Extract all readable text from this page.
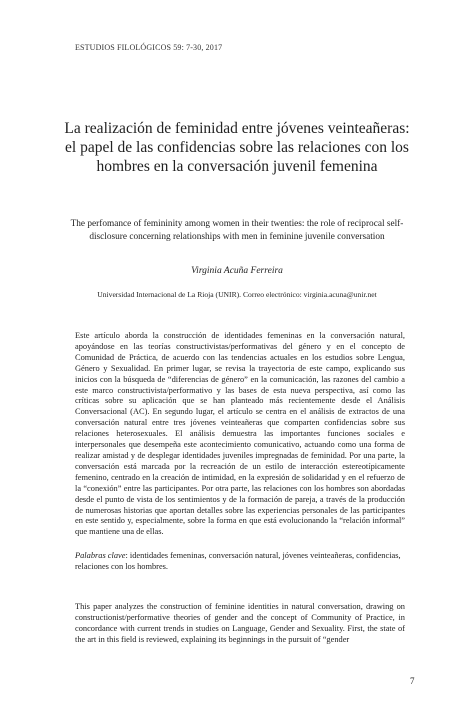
ESTUDIOS FILOLÓGICOS 59: 7-30, 2017
La realización de feminidad entre jóvenes veinteañeras: el papel de las confidencias sobre las relaciones con los hombres en la conversación juvenil femenina
The perfomance of femininity among women in their twenties: the role of reciprocal self-disclosure concerning relationships with men in feminine juvenile conversation
Virginia Acuña Ferreira
Universidad Internacional de La Rioja (UNIR). Correo electrónico: virginia.acuna@unir.net
Este artículo aborda la construcción de identidades femeninas en la conversación natural, apoyándose en las teorías constructivistas/performativas del género y en el concepto de Comunidad de Práctica, de acuerdo con las tendencias actuales en los estudios sobre Lengua, Género y Sexualidad. En primer lugar, se revisa la trayectoria de este campo, explicando sus inicios con la búsqueda de “diferencias de género” en la comunicación, las razones del cambio a este marco constructivista/performativo y las bases de esta nueva perspectiva, así como las críticas sobre su aplicación que se han planteado más recientemente desde el Análisis Conversacional (AC). En segundo lugar, el artículo se centra en el análisis de extractos de una conversación natural entre tres jóvenes veinteañeras que comparten confidencias sobre sus relaciones heterosexuales. El análisis demuestra las importantes funciones sociales e interpersonales que desempeña este acontecimiento comunicativo, actuando como una forma de realizar amistad y de desplegar identidades juveniles impregnadas de feminidad. Por una parte, la conversación está marcada por la recreación de un estilo de interacción estereotípicamente femenino, centrado en la creación de intimidad, en la expresión de solidaridad y en el refuerzo de la “conexión” entre las participantes. Por otra parte, las relaciones con los hombres son abordadas desde el punto de vista de los sentimientos y de la formación de pareja, a través de la producción de numerosas historias que aportan detalles sobre las experiencias personales de las participantes en este sentido y, especialmente, sobre la forma en que está evolucionando la “relación informal” que mantiene una de ellas.
Palabras clave: identidades femeninas, conversación natural, jóvenes veinteañeras, confidencias, relaciones con los hombres.
This paper analyzes the construction of feminine identities in natural conversation, drawing on constructionist/performative theories of gender and the concept of Community of Practice, in concordance with current trends in studies on Language, Gender and Sexuality. First, the state of the art in this field is reviewed, explaining its beginnings in the pursuit of “gender
7
